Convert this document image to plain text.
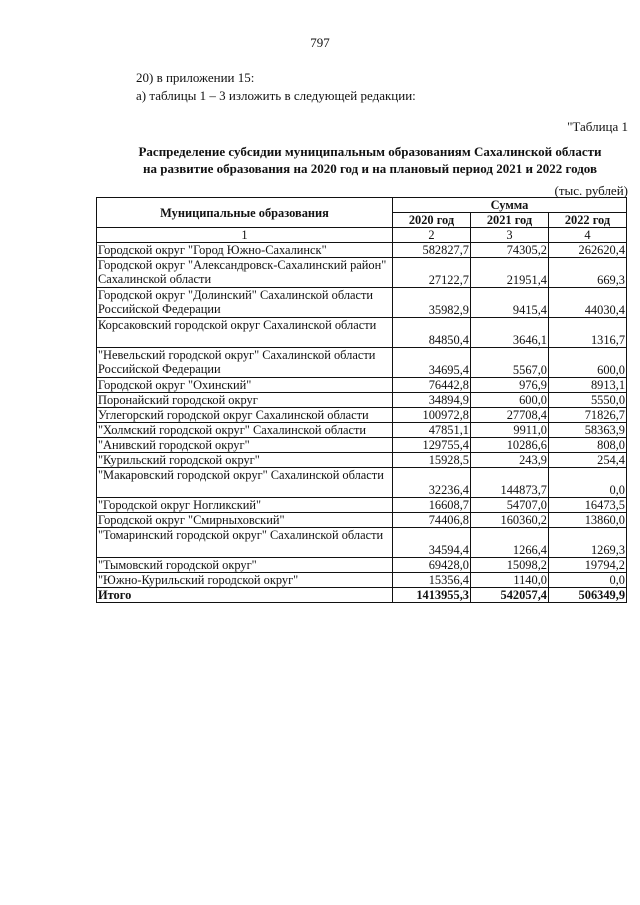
797
20) в приложении 15:
а) таблицы 1 – 3 изложить в следующей редакции:
"Таблица 1
Распределение субсидии муниципальным образованиям Сахалинской области
на развитие образования на 2020 год и на плановый период 2021 и 2022 годов
(тыс. рублей)
Муниципальные образования	Сумма		
	2020 год	2021 год	2022 год
1	2	3	4
Городской округ "Город Южно-Сахалинск"	582827,7	74305,2	262620,4
Городской округ "Александровск-Сахалинский район" Сахалинской области	27122,7	21951,4	669,3
Городской округ "Долинский" Сахалинской области Российской Федерации	35982,9	9415,4	44030,4
Корсаковский городской округ Сахалинской области	84850,4	3646,1	1316,7
"Невельский городской округ" Сахалинской области Российской Федерации	34695,4	5567,0	600,0
Городской округ "Охинский"	76442,8	976,9	8913,1
Поронайский городской округ	34894,9	600,0	5550,0
Углегорский городской округ Сахалинской области	100972,8	27708,4	71826,7
"Холмский городской округ" Сахалинской области	47851,1	9911,0	58363,9
"Анивский городской округ"	129755,4	10286,6	808,0
"Курильский городской округ"	15928,5	243,9	254,4
"Макаровский городской округ" Сахалинской области	32236,4	144873,7	0,0
"Городской округ Ногликский"	16608,7	54707,0	16473,5
Городской округ "Смирныховский"	74406,8	160360,2	13860,0
"Томаринский городской округ" Сахалинской области	34594,4	1266,4	1269,3
"Тымовский городской округ"	69428,0	15098,2	19794,2
"Южно-Курильский городской округ"	15356,4	1140,0	0,0
Итого	1413955,3	542057,4	506349,9
